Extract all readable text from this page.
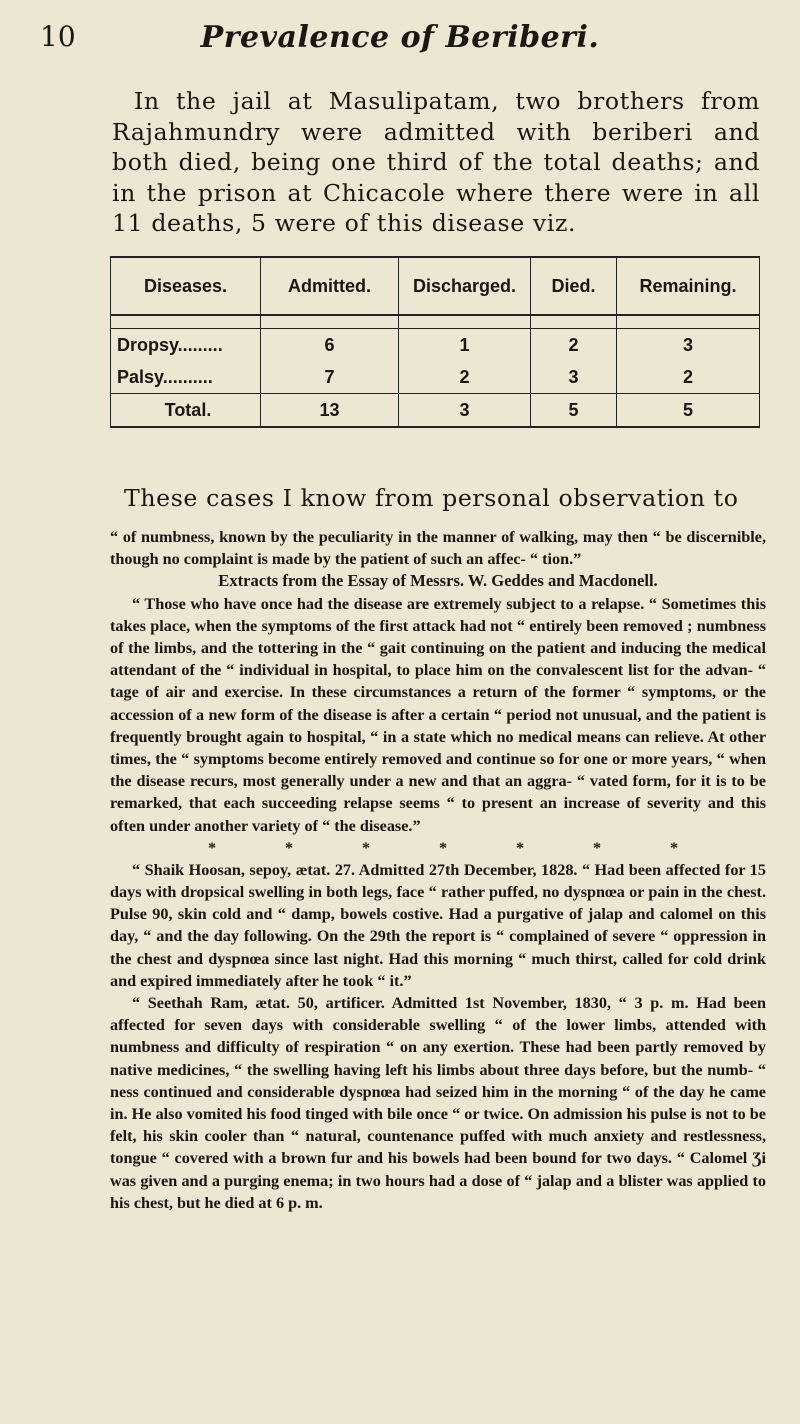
10	Prevalence of Beriberi.

In the jail at Masulipatam, two brothers from Rajahmundry were admitted with beriberi and both died, being one third of the total deaths; and in the prison at Chicacole where there were in all 11 deaths, 5 were of this disease viz.

Diseases.	Admitted.	Discharged.	Died.	Remaining.

Dropsy.........	6	1	2	3
Palsy..........	7	2	3	2
Total.	13	3	5	5
These cases I know from personal observation to

“ of numbness, known by the peculiarity in the manner of walking, may then “ be discernible, though no complaint is made by the patient of such an affec- “ tion.”

Extracts from the Essay of Messrs. W. Geddes and Macdonell.

“ Those who have once had the disease are extremely subject to a relapse. “ Sometimes this takes place, when the symptoms of the first attack had not “ entirely been removed ; numbness of the limbs, and the tottering in the “ gait continuing on the patient and inducing the medical attendant of the “ individual in hospital, to place him on the convalescent list for the advan- “ tage of air and exercise. In these circumstances a return of the former “ symptoms, or the accession of a new form of the disease is after a certain “ period not unusual, and the patient is frequently brought again to hospital, “ in a state which no medical means can relieve. At other times, the “ symptoms become entirely removed and continue so for one or more years, “ when the disease recurs, most generally under a new and that an aggra- “ vated form, for it is to be remarked, that each succeeding relapse seems “ to present an increase of severity and this often under another variety of “ the disease.”

*	*	*	*	*	*	*

“ Shaik Hoosan, sepoy, ætat. 27. Admitted 27th December, 1828. “ Had been affected for 15 days with dropsical swelling in both legs, face “ rather puffed, no dyspnœa or pain in the chest. Pulse 90, skin cold and “ damp, bowels costive. Had a purgative of jalap and calomel on this day, “ and the day following. On the 29th the report is “ complained of severe “ oppression in the chest and dyspnœa since last night. Had this morning “ much thirst, called for cold drink and expired immediately after he took “ it.”

“ Seethah Ram, ætat. 50, artificer. Admitted 1st November, 1830, “ 3 p. m. Had been affected for seven days with considerable swelling “ of the lower limbs, attended with numbness and difficulty of respiration “ on any exertion. These had been partly removed by native medicines, “ the swelling having left his limbs about three days before, but the numb- “ ness continued and considerable dyspnœa had seized him in the morning “ of the day he came in. He also vomited his food tinged with bile once “ or twice. On admission his pulse is not to be felt, his skin cooler than “ natural, countenance puffed with much anxiety and restlessness, tongue “ covered with a brown fur and his bowels had been bound for two days. “ Calomel Ʒi was given and a purging enema; in two hours had a dose of “ jalap and a blister was applied to his chest, but he died at 6 p. m.
